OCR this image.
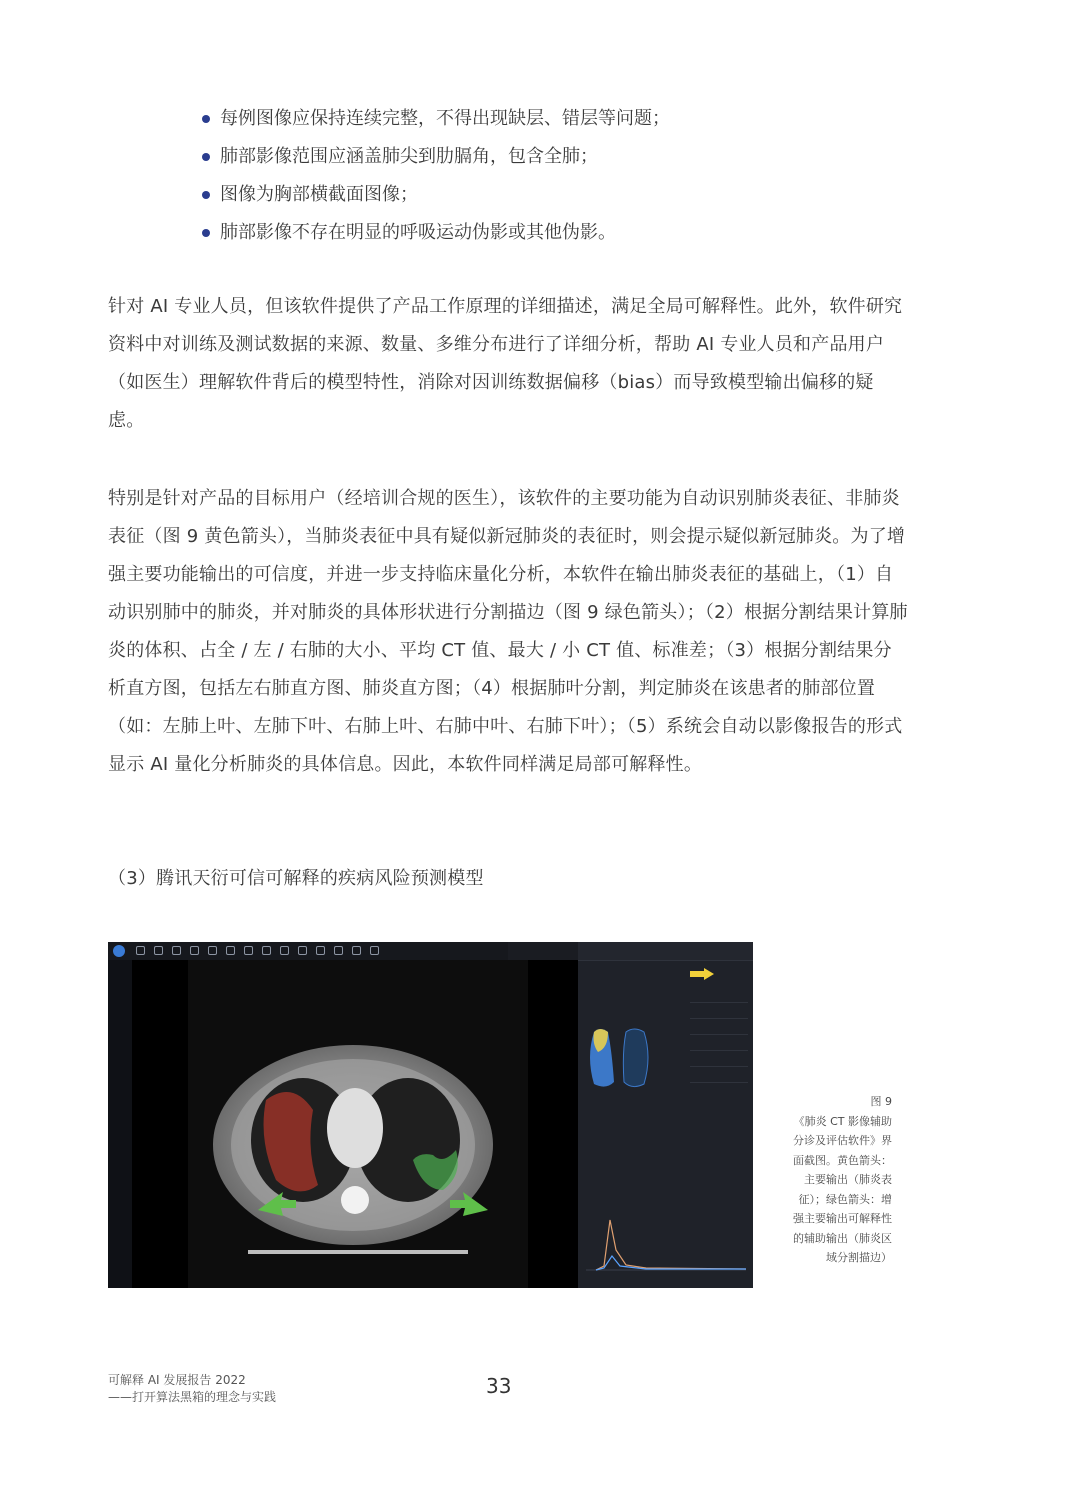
每例图像应保持连续完整，不得出现缺层、错层等问题；
肺部影像范围应涵盖肺尖到肋膈角，包含全肺；
图像为胸部横截面图像；
肺部影像不存在明显的呼吸运动伪影或其他伪影。

针对 AI 专业人员，但该软件提供了产品工作原理的详细描述，满足全局可解释性。此外，软件研究资料中对训练及测试数据的来源、数量、多维分布进行了详细分析，帮助 AI 专业人员和产品用户（如医生）理解软件背后的模型特性，消除对因训练数据偏移（bias）而导致模型输出偏移的疑虑。

特别是针对产品的目标用户（经培训合规的医生），该软件的主要功能为自动识别肺炎表征、非肺炎表征（图 9 黄色箭头），当肺炎表征中具有疑似新冠肺炎的表征时，则会提示疑似新冠肺炎。为了增强主要功能输出的可信度，并进一步支持临床量化分析，本软件在输出肺炎表征的基础上，（1）自动识别肺中的肺炎，并对肺炎的具体形状进行分割描边（图 9 绿色箭头）；（2）根据分割结果计算肺炎的体积、占全 / 左 / 右肺的大小、平均 CT 值、最大 / 小 CT 值、标准差；（3）根据分割结果分析直方图，包括左右肺直方图、肺炎直方图；（4）根据肺叶分割，判定肺炎在该患者的肺部位置（如：左肺上叶、左肺下叶、右肺上叶、右肺中叶、右肺下叶）；（5）系统会自动以影像报告的形式显示 AI 量化分析肺炎的具体信息。因此，本软件同样满足局部可解释性。

（3）腾讯天衍可信可解释的疾病风险预测模型

图 9
《肺炎 CT 影像辅助分诊及评估软件》界面截图。黄色箭头：主要输出（肺炎表征）；绿色箭头：增强主要输出可解释性的辅助输出（肺炎区域分割描边）
可解释 AI 发展报告 2022
——打开算法黑箱的理念与实践	33
